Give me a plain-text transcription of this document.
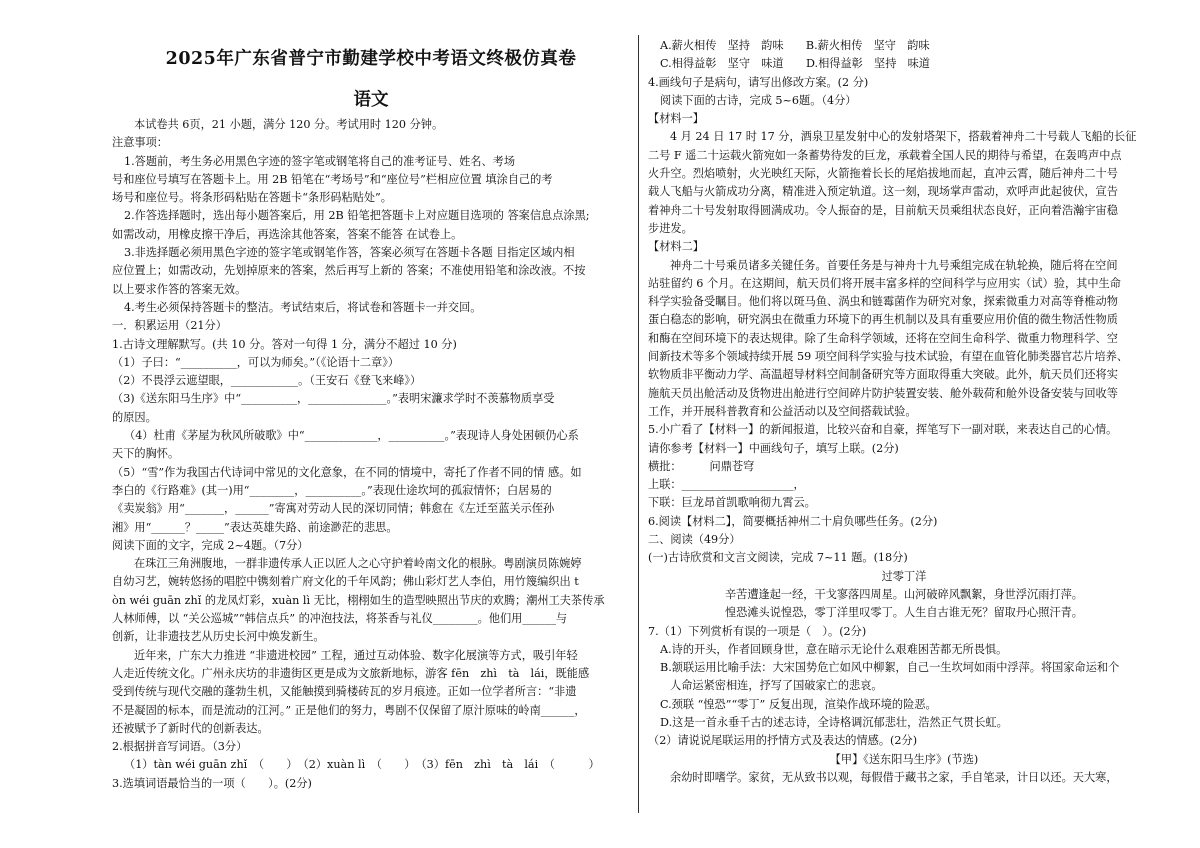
2025年广东省普宁市勤建学校中考语文终极仿真卷
语文
本试卷共 6页，21 小题，满分 120 分。考试用时 120 分钟。
注意事项：
1.答题前，考生务必用黑色字迹的签字笔或钢笔将自己的准考证号、姓名、考场
号和座位号填写在答题卡上。用 2B 铅笔在“考场号”和“座位号”栏相应位置 填涂自己的考
场号和座位号。将条形码粘贴在答题卡“条形码粘贴处”。
2.作答选择题时，选出每小题答案后，用 2B 铅笔把答题卡上对应题目选项的 答案信息点涂黑;
如需改动，用橡皮擦干净后，再选涂其他答案，答案不能答 在试卷上。
3.非选择题必须用黑色字迹的签字笔或钢笔作答，答案必须写在答题卡各题 目指定区域内相
应位置上；如需改动，先划掉原来的答案，然后再写上新的 答案；不准使用铅笔和涂改液。不按
以上要求作答的答案无效。
4.考生必须保持答题卡的整洁。考试结束后，将试卷和答题卡一并交回。
一．积累运用（21分）
1.古诗文理解默写。(共 10 分。答对一句得 1 分，满分不超过 10 分)
（1）子曰：“__________，可以为师矣。”（《论语十二章》）
（2）不畏浮云遮望眼，____________。（王安石《登飞来峰》）
（3)《送东阳马生序》中“__________，______________。”表明宋濂求学时不羡慕物质享受
的原因。
（4）杜甫《茅屋为秋风所破歌》中“_____________，__________。”表现诗人身处困顿仍心系
天下的胸怀。
（5）“雪”作为我国古代诗词中常见的文化意象，在不同的情境中，寄托了作者不同的情 感。如
李白的《行路难》(其一)用“________，__________。”表现仕途坎坷的孤寂情怀；白居易的
《卖炭翁》用“_______，______”寄寓对劳动人民的深切同情；韩愈在《左迁至蓝关示侄孙
湘》用“______？_____”表达英雄失路、前途渺茫的悲思。
阅读下面的文字，完成 2~4题。（7分）
在珠江三角洲腹地，一群非遗传承人正以匠人之心守护着岭南文化的根脉。粤剧演员陈婉婷
自幼习艺，婉转悠扬的唱腔中镌刻着广府文化的千年风韵；佛山彩灯艺人李伯，用竹篾编织出 t
òn wéi guān zhǐ 的龙凤灯彩，xuàn lì 无比，栩栩如生的造型映照出节庆的欢腾；潮州工夫茶传承
人林师傅，以 “关公巡城”“韩信点兵” 的冲泡技法，将茶香与礼仪________。他们用______与
创新，让非遗技艺从历史长河中焕发新生。
近年来，广东大力推进 “非遗进校园” 工程，通过互动体验、数字化展演等方式，吸引年轻
人走近传统文化。广州永庆坊的非遗街区更是成为文旅新地标，游客 fēn　zhì　tà　lái，既能感
受到传统与现代交融的蓬勃生机，又能触摸到骑楼砖瓦的岁月痕迹。正如一位学者所言：“非遗
不是凝固的标本，而是流动的江河。” 正是他们的努力，粤剧不仅保留了原汁原味的岭南______，
还被赋予了新时代的创新表达。
2.根据拼音写词语。（3分）
（1）tàn wéi guān zhǐ　（　　）　（2）xuàn lì　（　　）　（3）fēn　zhì　tà　lái　（　　　）
3.选填词语最恰当的一项（　　）。(2分)
A.薪火相传　坚持　韵味　　B.薪火相传　坚守　韵味
C.相得益彰　坚守　味道　　D.相得益彰　坚持　味道
4.画线句子是病句，请写出修改方案。(2 分)
阅读下面的古诗，完成 5~6题。（4分）
【材料一】
4 月 24 日 17 时 17 分，酒泉卫星发射中心的发射塔架下，搭载着神舟二十号载人飞船的长征
二号 F 遥二十运载火箭宛如一条蓄势待发的巨龙，承载着全国人民的期待与希望，在轰鸣声中点
火升空。烈焰喷射，火光映红天际，火箭拖着长长的尾焰拔地而起，直冲云霄，随后神舟二十号
载人飞船与火箭成功分离，精准进入预定轨道。这一刻，现场掌声雷动，欢呼声此起彼伏，宣告
着神舟二十号发射取得圆满成功。令人振奋的是，目前航天员乘组状态良好，正向着浩瀚宇宙稳
步进发。
【材料二】
神舟二十号乘员诸多关键任务。首要任务是与神舟十九号乘组完成在轨轮换，随后将在空间
站驻留约 6 个月。在这期间，航天员们将开展丰富多样的空间科学与应用实（试）验，其中生命
科学实验备受瞩目。他们将以斑马鱼、涡虫和链霉菌作为研究对象，探索微重力对高等脊椎动物
蛋白稳态的影响，研究涡虫在微重力环境下的再生机制以及具有重要应用价值的微生物活性物质
和酶在空间环境下的表达规律。除了生命科学领域，还将在空间生命科学、微重力物理科学、空
间新技术等多个领域持续开展 59 项空间科学实验与技术试验，有望在血管化肺类器官芯片培养、
软物质非平衡动力学、高温超导材料空间制备研究等方面取得重大突破。此外，航天员们还将实
施航天员出舱活动及货物进出舱进行空间碎片防护装置安装、舱外载荷和舱外设备安装与回收等
工作，并开展科普教育和公益活动以及空间搭载试验。
5.小广看了【材料一】的新闻报道，比较兴奋和自豪，挥笔写下一副对联，来表达自己的心情。
请你参考【材料一】中画线句子，填写上联。(2分)
横批：　　　问鼎苍穹
上联：____________________，
下联：巨龙昂首凯歌响彻九霄云。
6.阅读【材料二】，简要概括神州二十肩负哪些任务。(2分)
二、阅读（49分）
(一)古诗欣赏和文言文阅读，完成 7~11 题。(18分)
过零丁洋
辛苦遭逢起一经，干戈寥落四周星。山河破碎风飘絮，身世浮沉雨打萍。
惶恐滩头说惶恐，零丁洋里叹零丁。人生自古谁无死？留取丹心照汗青。
7.（1）下列赏析有误的一项是（　）。(2分)
A.诗的开头，作者回顾身世，意在暗示无论什么艰难困苦都无所畏惧。
B.颔联运用比喻手法：大宋国势危亡如风中柳絮，自己一生坎坷如雨中浮萍。将国家命运和个
人命运紧密相连，抒写了国破家亡的悲哀。
C.颈联 “惶恐”“零丁” 反复出现，渲染作战环境的险恶。
D.这是一首永垂千古的述志诗，全诗格调沉郁悲壮，浩然正气贯长虹。
（2）请说说尾联运用的抒情方式及表达的情感。(2分)
【甲】《送东阳马生序》(节选)
余幼时即嗜学。家贫，无从致书以观，每假借于藏书之家，手自笔录，计日以还。天大寒，
